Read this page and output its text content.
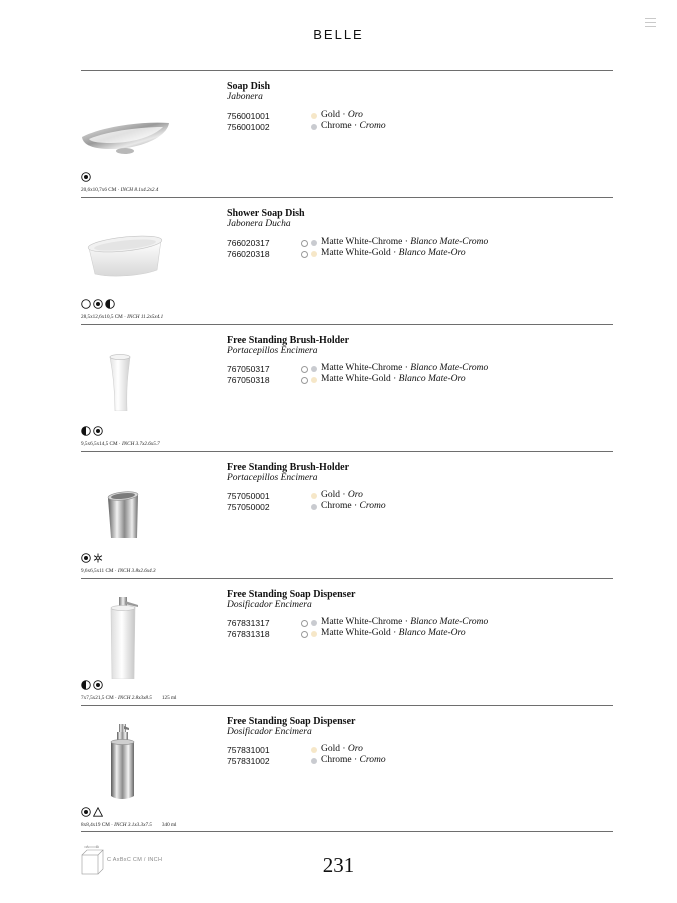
BELLE
20,6x10,7x6 CM · INCH 8.1x4.2x2.4
Soap Dish
Jabonera
756001001	Gold · Oro
756001002	Chrome · Cromo
28,5x12,6x10,5 CM · INCH 11.2x5x4.1
Shower Soap Dish
Jabonera Ducha
766020317	Matte White-Chrome · Blanco Mate-Cromo
766020318	Matte White-Gold · Blanco Mate-Oro
9,5x6,5x14,5 CM · INCH 3.7x2.6x5.7
Free Standing Brush-Holder
Portacepillos Encimera
767050317	Matte White-Chrome · Blanco Mate-Cromo
767050318	Matte White-Gold · Blanco Mate-Oro
9,6x6,5x11 CM · INCH 3.8x2.6x4.3
Free Standing Brush-Holder
Portacepillos Encimera
757050001	Gold · Oro
757050002	Chrome · Cromo
7x7,5x21,5 CM · INCH 2.8x3x8.5 125 ml
Free Standing Soap Dispenser
Dosificador Encimera
767831317	Matte White-Chrome · Blanco Mate-Cromo
767831318	Matte White-Gold · Blanco Mate-Oro
8x8,4x19 CM · INCH 3.1x3.3x7.5 340 ml
Free Standing Soap Dispenser
Dosificador Encimera
757831001	Gold · Oro
757831002	Chrome · Cromo
A B
C AxBxC CM / INCH	231
